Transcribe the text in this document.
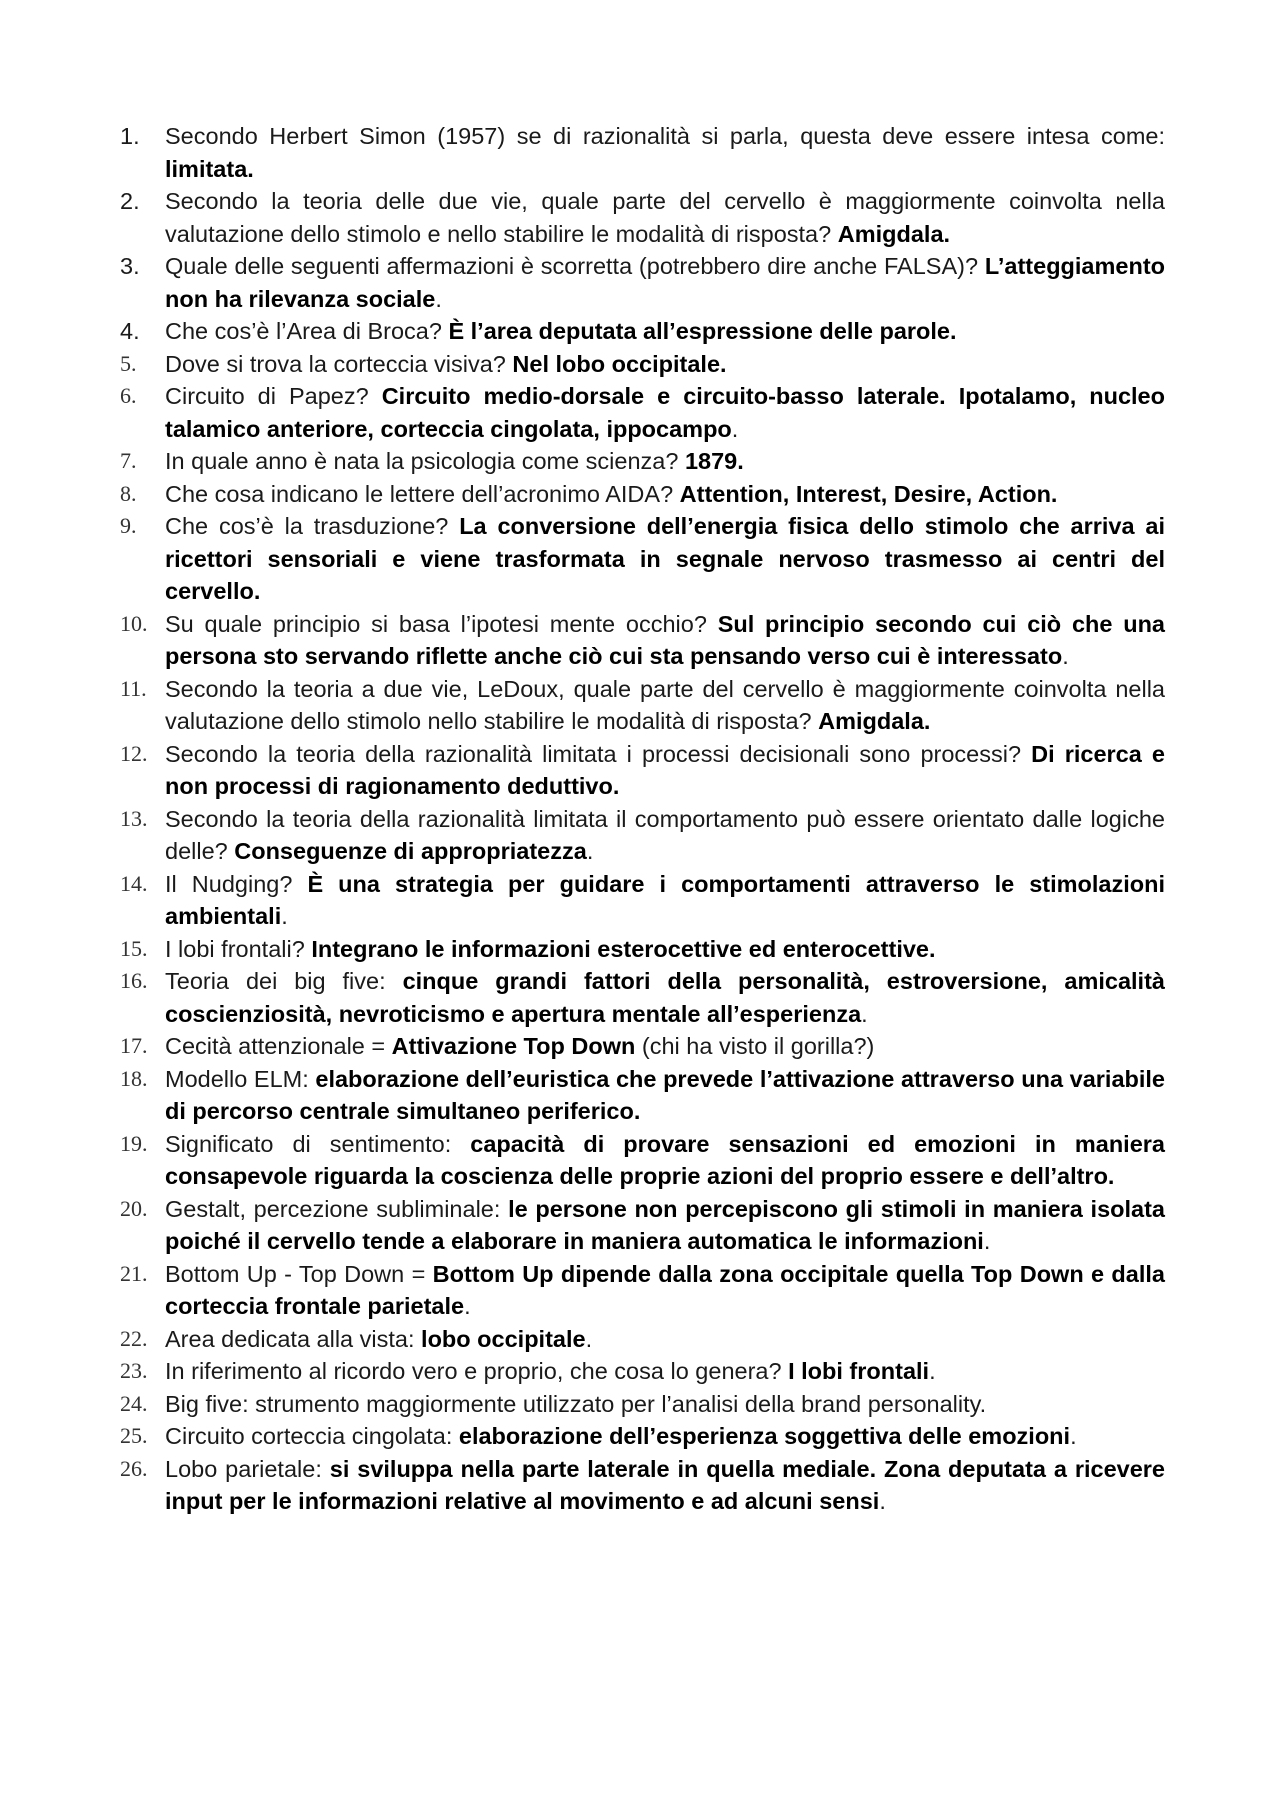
1.	Secondo Herbert Simon (1957) se di razionalità si parla, questa deve essere intesa come: limitata.
2.	Secondo la teoria delle due vie, quale parte del cervello è maggiormente coinvolta nella valutazione dello stimolo e nello stabilire le modalità di risposta? Amigdala.
3.	Quale delle seguenti affermazioni è scorretta (potrebbero dire anche FALSA)? L’atteggiamento non ha rilevanza sociale.
4.	Che cos’è l’Area di Broca? È l’area deputata all’espressione delle parole.
5.	Dove si trova la corteccia visiva? Nel lobo occipitale.
6.	Circuito di Papez? Circuito medio-dorsale e circuito-basso laterale. Ipotalamo, nucleo talamico anteriore, corteccia cingolata, ippocampo.
7.	In quale anno è nata la psicologia come scienza? 1879.
8.	Che cosa indicano le lettere dell’acronimo AIDA? Attention, Interest, Desire, Action.
9.	Che cos’è la trasduzione? La conversione dell’energia fisica dello stimolo che arriva ai ricettori sensoriali e viene trasformata in segnale nervoso trasmesso ai centri del cervello.
10. Su quale principio si basa l’ipotesi mente occhio? Sul principio secondo cui ciò che una persona sto servando riflette anche ciò cui sta pensando verso cui è interessato.
11. Secondo la teoria a due vie, LeDoux, quale parte del cervello è maggiormente coinvolta nella valutazione dello stimolo nello stabilire le modalità di risposta? Amigdala.
12. Secondo la teoria della razionalità limitata i processi decisionali sono processi? Di ricerca e non processi di ragionamento deduttivo.
13. Secondo la teoria della razionalità limitata il comportamento può essere orientato dalle logiche delle? Conseguenze di appropriatezza.
14. Il Nudging? È una strategia per guidare i comportamenti attraverso le stimolazioni ambientali.
15. I lobi frontali? Integrano le informazioni esterocettive ed enterocettive.
16. Teoria dei big five: cinque grandi fattori della personalità, estroversione, amicalità coscienziosità, nevroticismo e apertura mentale all’esperienza.
17. Cecità attenzionale = Attivazione Top Down (chi ha visto il gorilla?)
18. Modello ELM: elaborazione dell’euristica che prevede l’attivazione attraverso una variabile di percorso centrale simultaneo periferico.
19. Significato di sentimento: capacità di provare sensazioni ed emozioni in maniera consapevole riguarda la coscienza delle proprie azioni del proprio essere e dell’altro.
20. Gestalt, percezione subliminale: le persone non percepiscono gli stimoli in maniera isolata poiché il cervello tende a elaborare in maniera automatica le informazioni.
21. Bottom Up - Top Down = Bottom Up dipende dalla zona occipitale quella Top Down e dalla corteccia frontale parietale.
22. Area dedicata alla vista: lobo occipitale.
23. In riferimento al ricordo vero e proprio, che cosa lo genera? I lobi frontali.
24. Big five: strumento maggiormente utilizzato per l’analisi della brand personality.
25. Circuito corteccia cingolata: elaborazione dell’esperienza soggettiva delle emozioni.
26. Lobo parietale: si sviluppa nella parte laterale in quella mediale. Zona deputata a ricevere input per le informazioni relative al movimento e ad alcuni sensi.
